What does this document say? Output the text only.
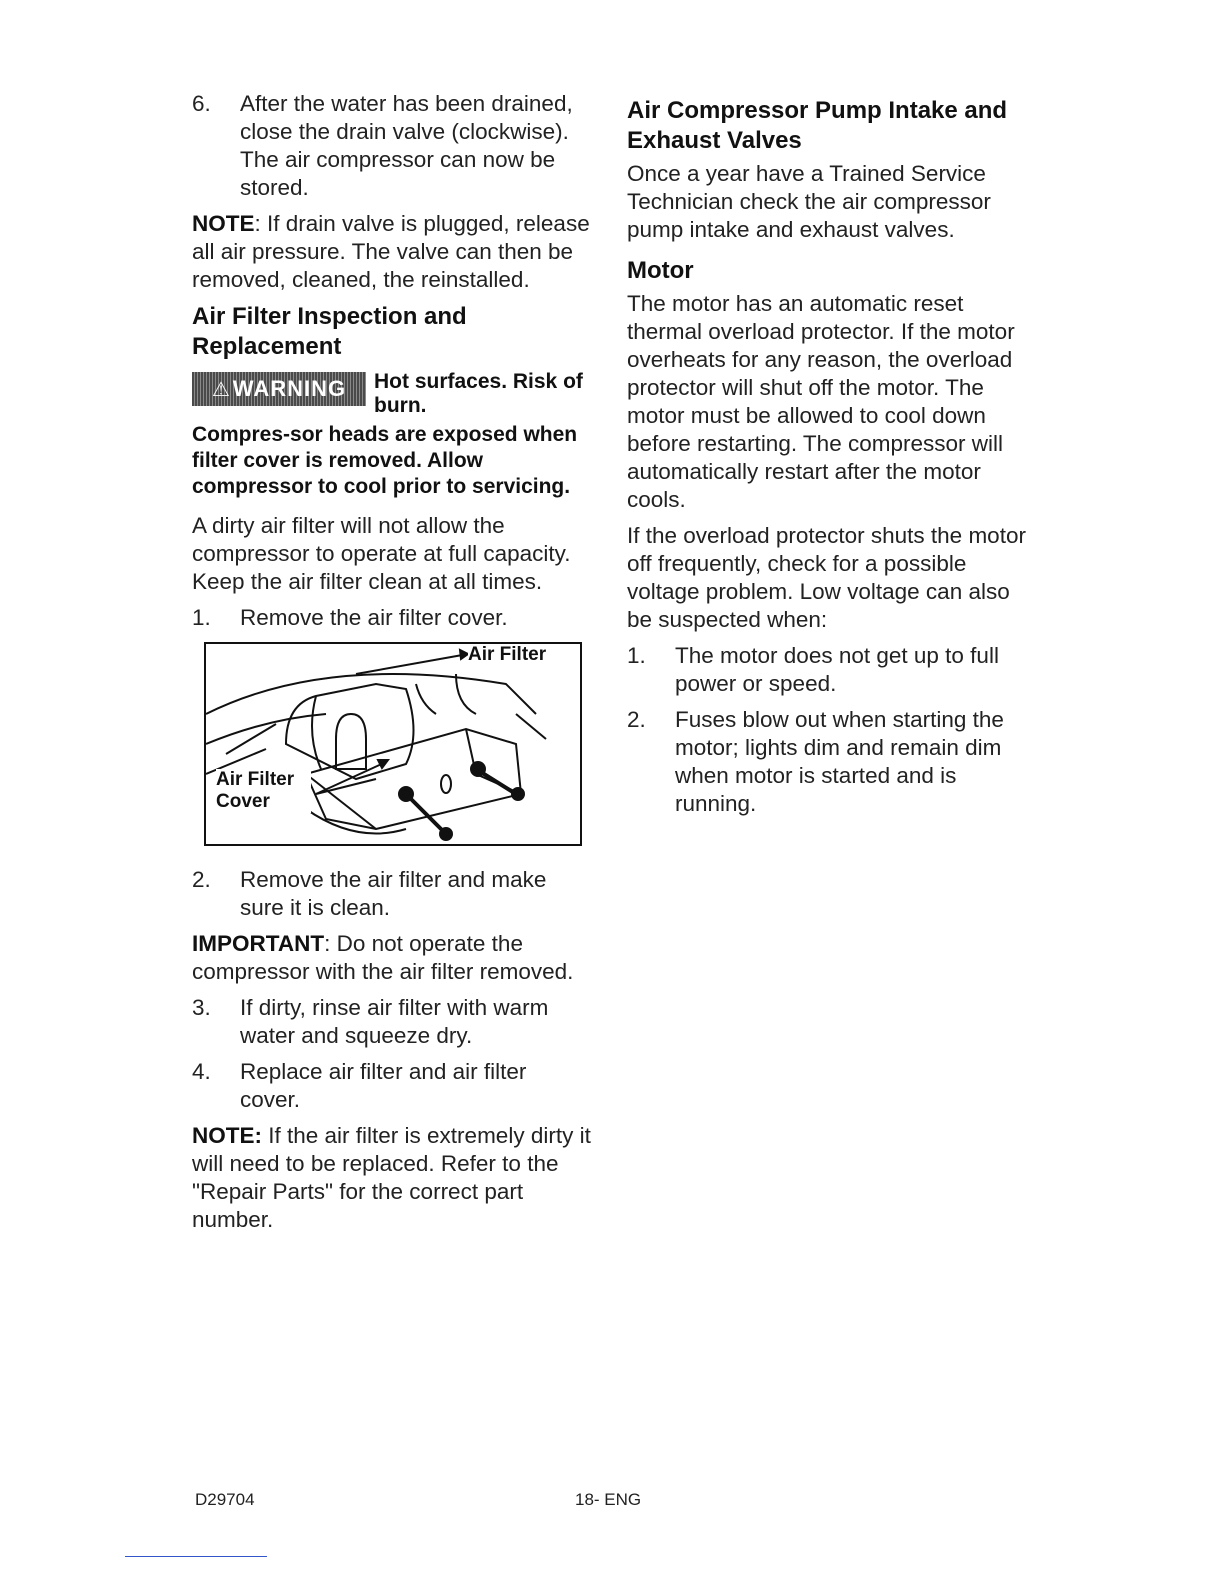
6.	After the water has been drained, close the drain valve (clockwise). The air compressor can now be stored.

NOTE: If drain valve is plugged, release all air pressure. The valve can then be removed, cleaned, the reinstalled.

Air Filter Inspection and Replacement
⚠ WARNING Hot surfaces. Risk of burn.
Compres-sor heads are exposed when filter cover is removed. Allow compressor to cool prior to servicing.

A dirty air filter will not allow the compressor to operate at full capacity. Keep the air filter clean at all times.

1.	Remove the air filter cover.
Air Filter
Air Filter Cover
2.	Remove the air filter and make sure it is clean.

IMPORTANT: Do not operate the compressor with the air filter removed.

3.	If dirty, rinse air filter with warm water and squeeze dry.
4.	Replace air filter and air filter cover.

NOTE: If the air filter is extremely dirty it will need to be replaced. Refer to the "Repair Parts" for the correct part number.

Air Compressor Pump Intake and Exhaust Valves

Once a year have a Trained Service Technician check the air compressor pump intake and exhaust valves.

Motor

The motor has an automatic reset thermal overload protector. If the motor overheats for any reason, the overload protector will shut off the motor. The motor must be allowed to cool down before restarting. The compressor will automatically restart after the motor cools.

If the overload protector shuts the motor off frequently, check for a possible voltage problem. Low voltage can also be suspected when:

1.	The motor does not get up to full power or speed.
2.	Fuses blow out when starting the motor; lights dim and remain dim when motor is started and is running.
D29704	18- ENG
